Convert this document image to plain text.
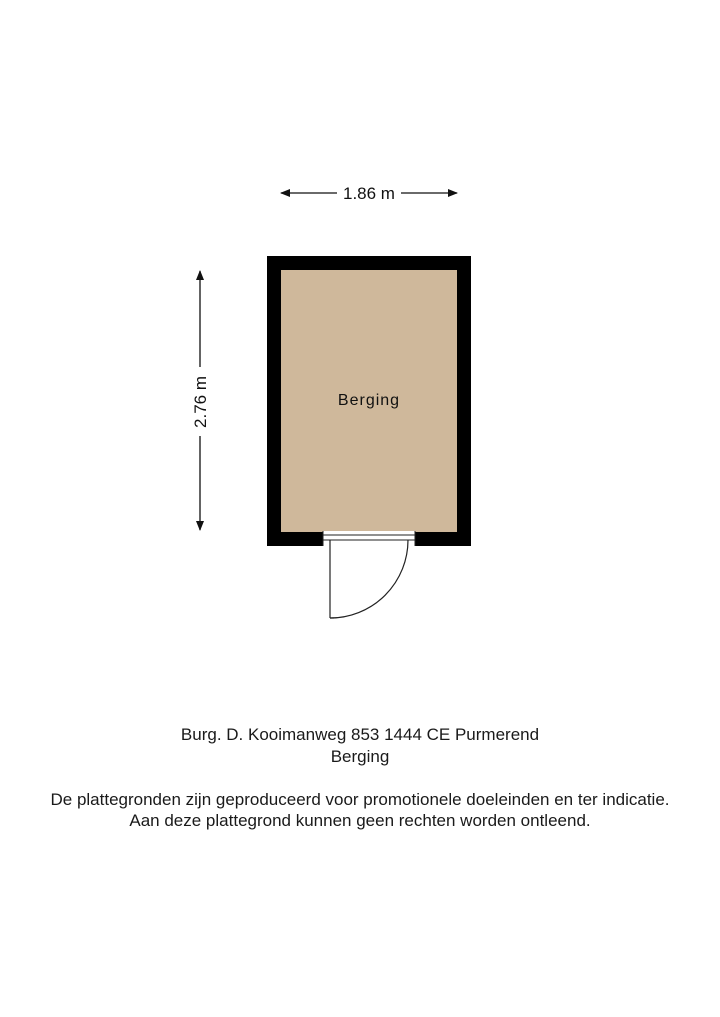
1.86 m
2.76 m	Berging
Burg. D. Kooimanweg 853 1444 CE Purmerend
Berging
De plattegronden zijn geproduceerd voor promotionele doeleinden en ter indicatie.
Aan deze plattegrond kunnen geen rechten worden ontleend.
